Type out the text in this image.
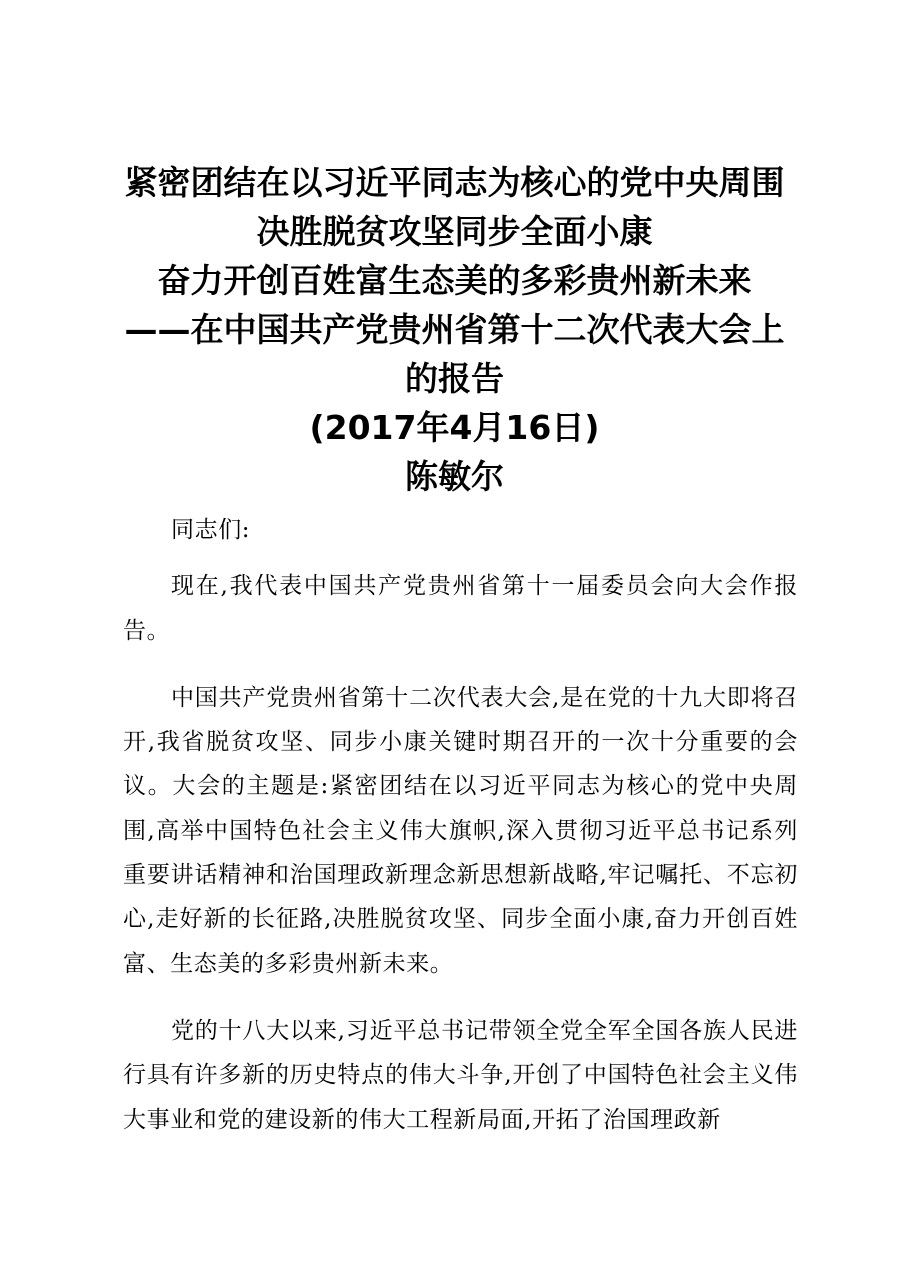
紧密团结在以习近平同志为核心的党中央周围
决胜脱贫攻坚同步全面小康
奋力开创百姓富生态美的多彩贵州新未来
——在中国共产党贵州省第十二次代表大会上
的报告
(2017年4月16日)
陈敏尔
同志们:

现在,我代表中国共产党贵州省第十一届委员会向大会作报告。

中国共产党贵州省第十二次代表大会,是在党的十九大即将召开,我省脱贫攻坚、同步小康关键时期召开的一次十分重要的会议。大会的主题是:紧密团结在以习近平同志为核心的党中央周围,高举中国特色社会主义伟大旗帜,深入贯彻习近平总书记系列重要讲话精神和治国理政新理念新思想新战略,牢记嘱托、不忘初心,走好新的长征路,决胜脱贫攻坚、同步全面小康,奋力开创百姓富、生态美的多彩贵州新未来。

党的十八大以来,习近平总书记带领全党全军全国各族人民进行具有许多新的历史特点的伟大斗争,开创了中国特色社会主义伟大事业和党的建设新的伟大工程新局面,开拓了治国理政新
